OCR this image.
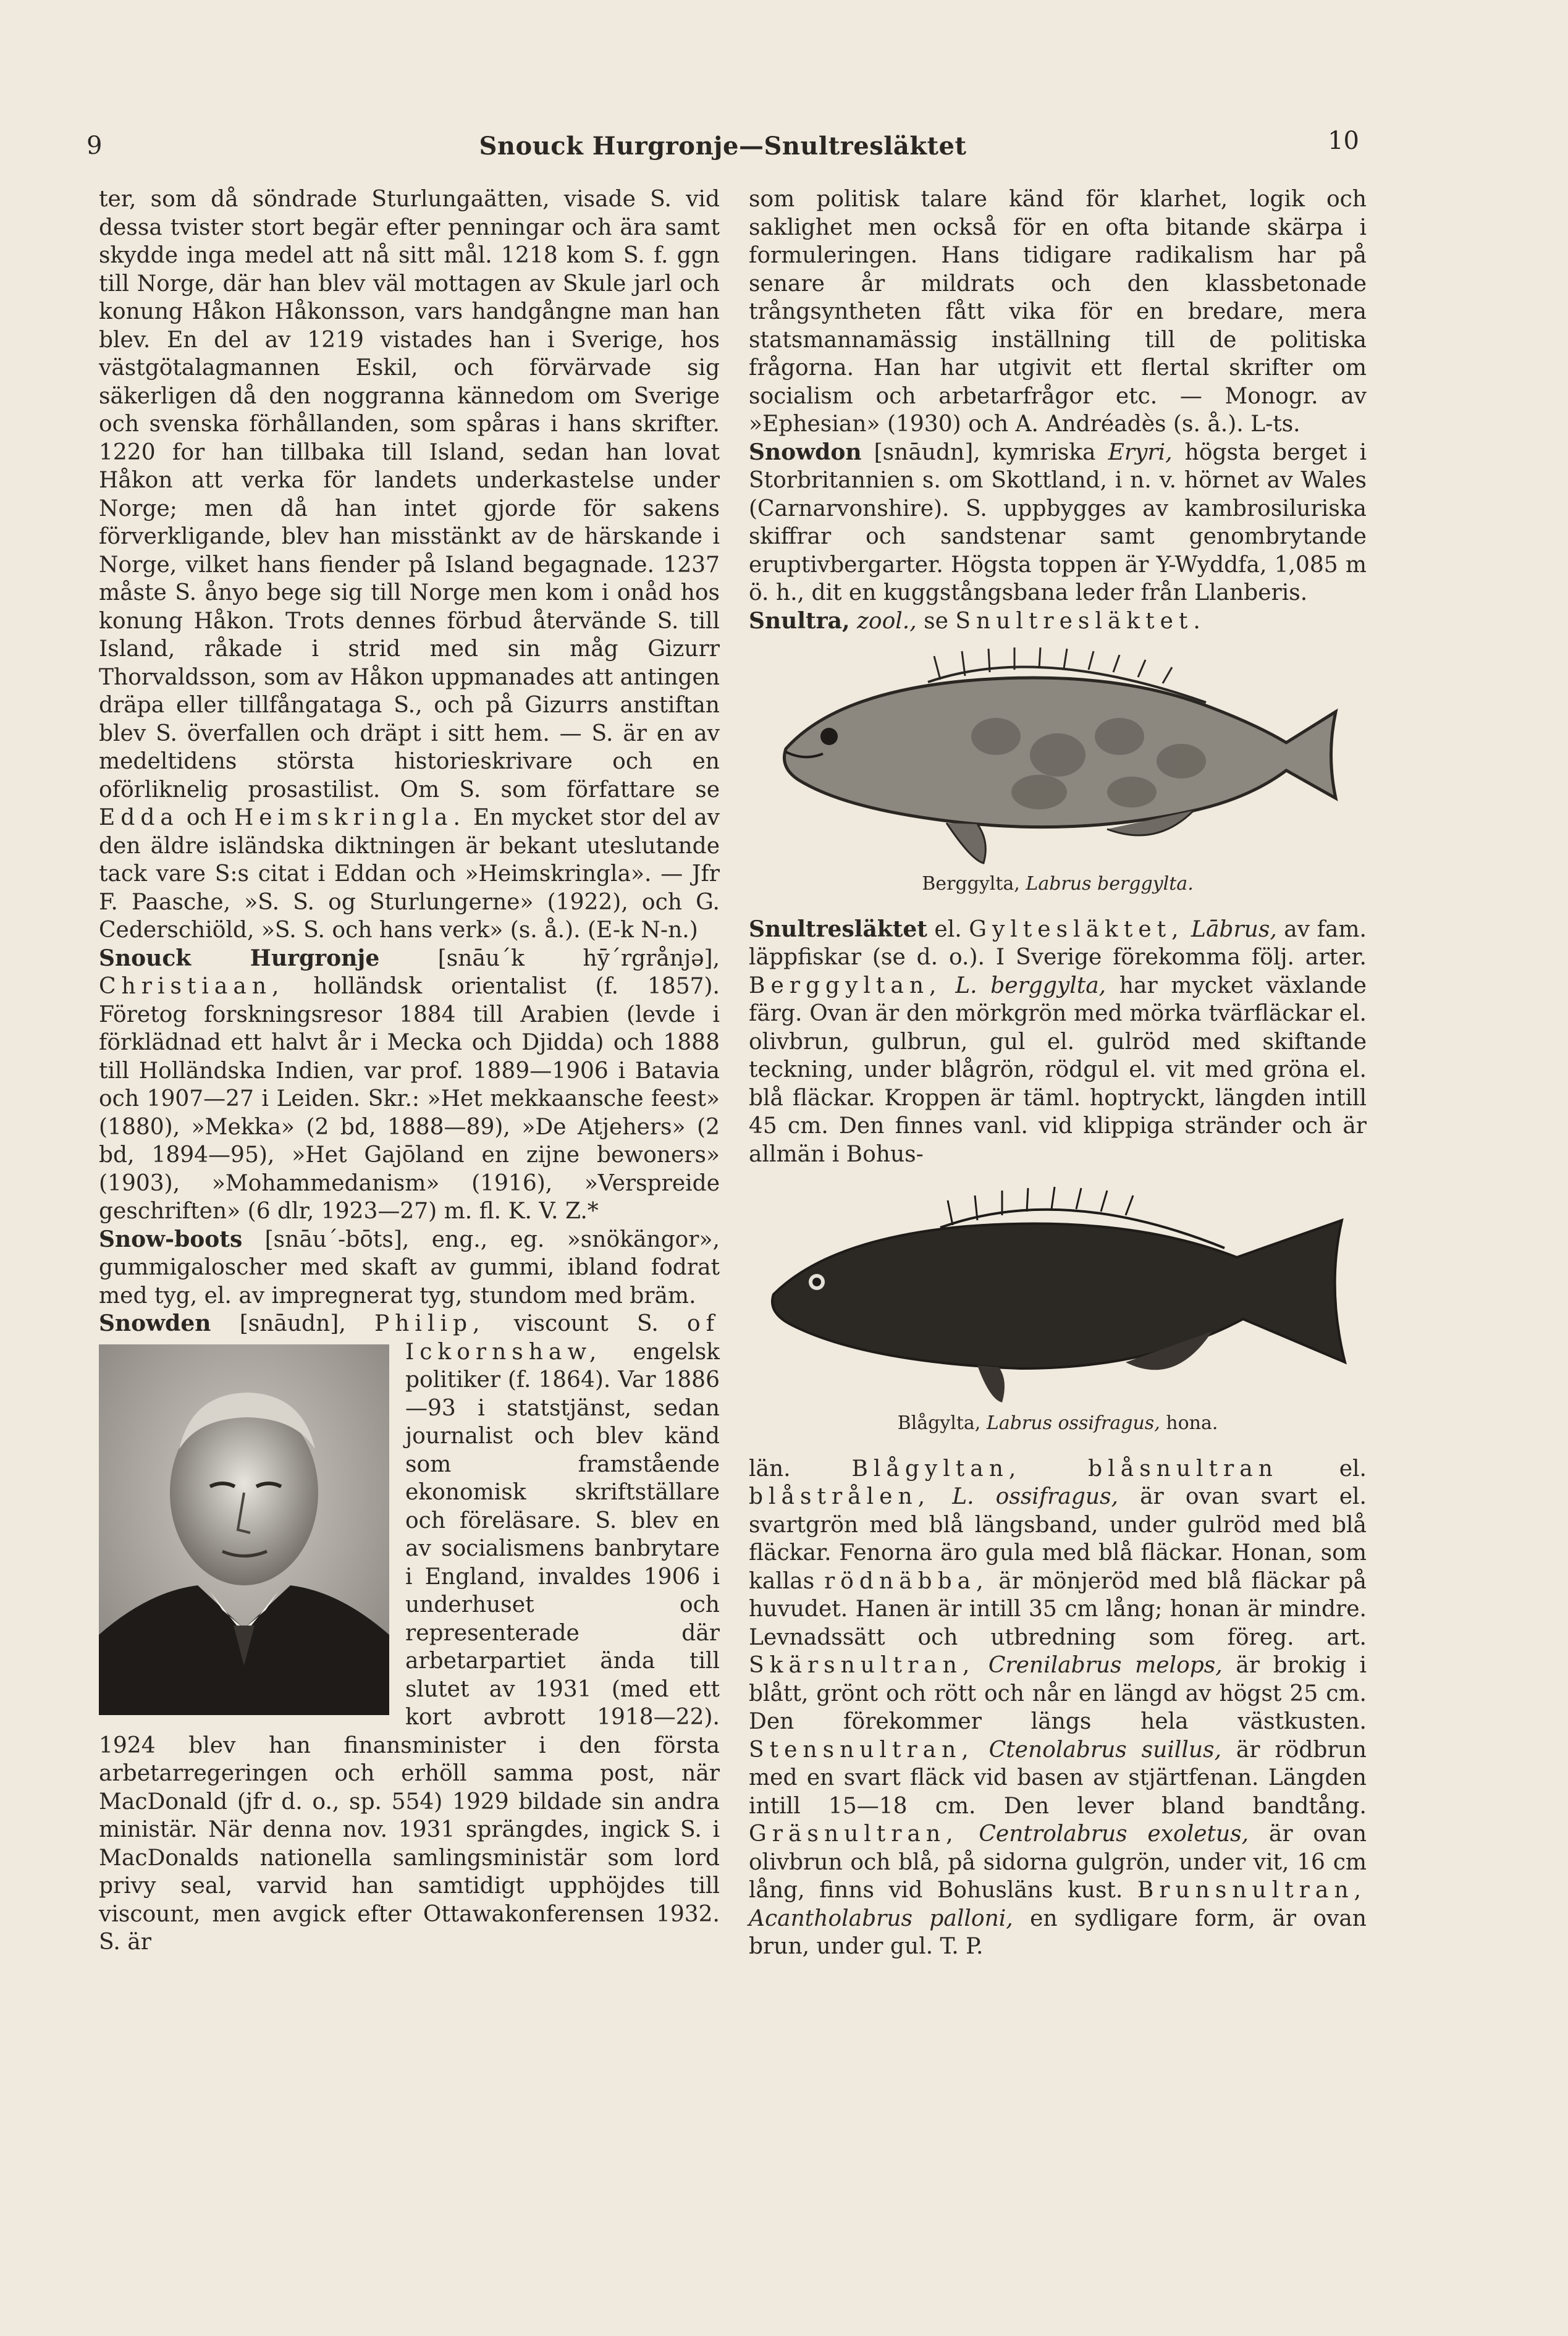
9	Snouck Hurgronje—Snultresläktet	10

ter, som då söndrade Sturlungaätten, visade S. vid dessa tvister stort begär efter penningar och ära samt skydde inga medel att nå sitt mål. 1218 kom S. f. ggn till Norge, där han blev väl mottagen av Skule jarl och konung Håkon Håkonsson, vars handgångne man han blev. En del av 1219 vistades han i Sverige, hos västgötalagmannen Eskil, och förvärvade sig säkerligen då den noggranna kännedom om Sverige och svenska förhållanden, som spåras i hans skrifter. 1220 for han tillbaka till Island, sedan han lovat Håkon att verka för landets underkastelse under Norge; men då han intet gjorde för sakens förverkligande, blev han misstänkt av de härskande i Norge, vilket hans fiender på Island begagnade. 1237 måste S. ånyo bege sig till Norge men kom i onåd hos konung Håkon. Trots dennes förbud återvände S. till Island, råkade i strid med sin måg Gizurr Thorvaldsson, som av Håkon uppmanades att antingen dräpa eller tillfångataga S., och på Gizurrs anstiftan blev S. överfallen och dräpt i sitt hem. — S. är en av medeltidens största historieskrivare och en oförliknelig prosastilist. Om S. som författare se Edda och Heimskringla. En mycket stor del av den äldre isländska diktningen är bekant uteslutande tack vare S:s citat i Eddan och »Heimskringla». — Jfr F. Paasche, »S. S. og Sturlungerne» (1922), och G. Cederschiöld, »S. S. och hans verk» (s. å.). (E-k N-n.)

Snouck Hurgronje	[snāu´k hȳ´rgrånjə], Christiaan, holländsk orientalist (f. 1857). Företog forskningsresor 1884 till Arabien (levde i förklädnad ett halvt år i Mecka och Djidda) och 1888 till Holländska Indien, var prof. 1889—1906 i Batavia och 1907—27 i Leiden. Skr.: »Het mekkaansche feest» (1880), »Mekka» (2 bd, 1888—89), »De Atjehers» (2 bd, 1894—95), »Het Gajōland en zijne bewoners» (1903), »Mohammedanism» (1916), »Verspreide geschriften» (6 dlr, 1923—27) m. fl. K. V. Z.*

Snow-boots [snāu´-bōts], eng., eg. »snökängor», gummigaloscher med skaft av gummi, ibland fodrat med tyg, el. av impregnerat tyg, stundom med bräm.

Snowden [snāudn], Philip, viscount S. of Ickornshaw, engelsk politiker (f. 1864). Var 1886—93 i statstjänst, sedan journalist och blev känd som framstående ekonomisk skriftställare och föreläsare. S. blev en av socialismens banbrytare i England, invaldes 1906 i underhuset och representerade där arbetarpartiet ända till slutet av 1931 (med ett kort avbrott 1918—22). 1924 blev han finansminister i den första arbetarregeringen och erhöll samma post, när MacDonald (jfr d. o., sp. 554) 1929 bildade sin andra ministär. När denna nov. 1931 sprängdes, ingick S. i MacDonalds nationella samlingsministär som lord privy seal, varvid han samtidigt upphöjdes till viscount, men avgick efter Ottawakonferensen 1932. S. är

som politisk talare känd för klarhet, logik och saklighet men också för en ofta bitande skärpa i formuleringen. Hans tidigare radikalism har på senare år mildrats och den klassbetonade trångsyntheten fått vika för en bredare, mera statsmannamässig inställning till de politiska frågorna. Han har utgivit ett flertal skrifter om socialism och arbetarfrågor etc. — Monogr. av »Ephesian» (1930) och A. Andréadès (s. å.). L-ts.

Snowdon [snāudn], kymriska Eryri, högsta berget i Storbritannien s. om Skottland, i n. v. hörnet av Wales (Carnarvonshire). S. uppbygges av kambrosiluriska skiffrar och sandstenar samt genombrytande eruptivbergarter. Högsta toppen är Y-Wyddfa, 1,085 m ö. h., dit en kuggstångsbana leder från Llanberis.

Snultra, zool., se Snultresläktet.

Berggylta, Labrus berggylta.

Snultresläktet el. Gyltesläktet, Lābrus, av fam. läppfiskar (se d. o.). I Sverige förekomma följ. arter. Berggyltan, L. berggylta, har mycket växlande färg. Ovan är den mörkgrön med mörka tvärfläckar el. olivbrun, gulbrun, gul el. gulröd med skiftande teckning, under blågrön, rödgul el. vit med gröna el. blå fläckar. Kroppen är täml. hoptryckt, längden intill 45 cm. Den finnes vanl. vid klippiga stränder och är allmän i Bohus-

Blågylta, Labrus ossifragus, hona.

län.	Blågyltan, blåsnultran	el. blåstrålen, L. ossifragus, är ovan svart el. svartgrön med blå längsband, under gulröd med blå fläckar. Fenorna äro gula med blå fläckar. Honan, som kallas rödnäbba, är mönjeröd med blå fläckar på huvudet. Hanen är intill 35 cm lång; honan är mindre. Levnadssätt och utbredning som föreg. art. Skärsnultran, Crenilabrus melops, är brokig i blått, grönt och rött och når en längd av högst 25 cm. Den förekommer längs hela västkusten. Stensnultran, Ctenolabrus suillus, är rödbrun med en svart fläck vid basen av stjärtfenan. Längden intill 15—18 cm. Den lever bland bandtång. Gräsnultran, Centrolabrus exoletus, är ovan olivbrun och blå, på sidorna gulgrön, under vit, 16 cm lång, finns vid Bohusläns kust. Brunsnultran, Acantholabrus palloni, en sydligare form, är ovan brun, under gul. T. P.
